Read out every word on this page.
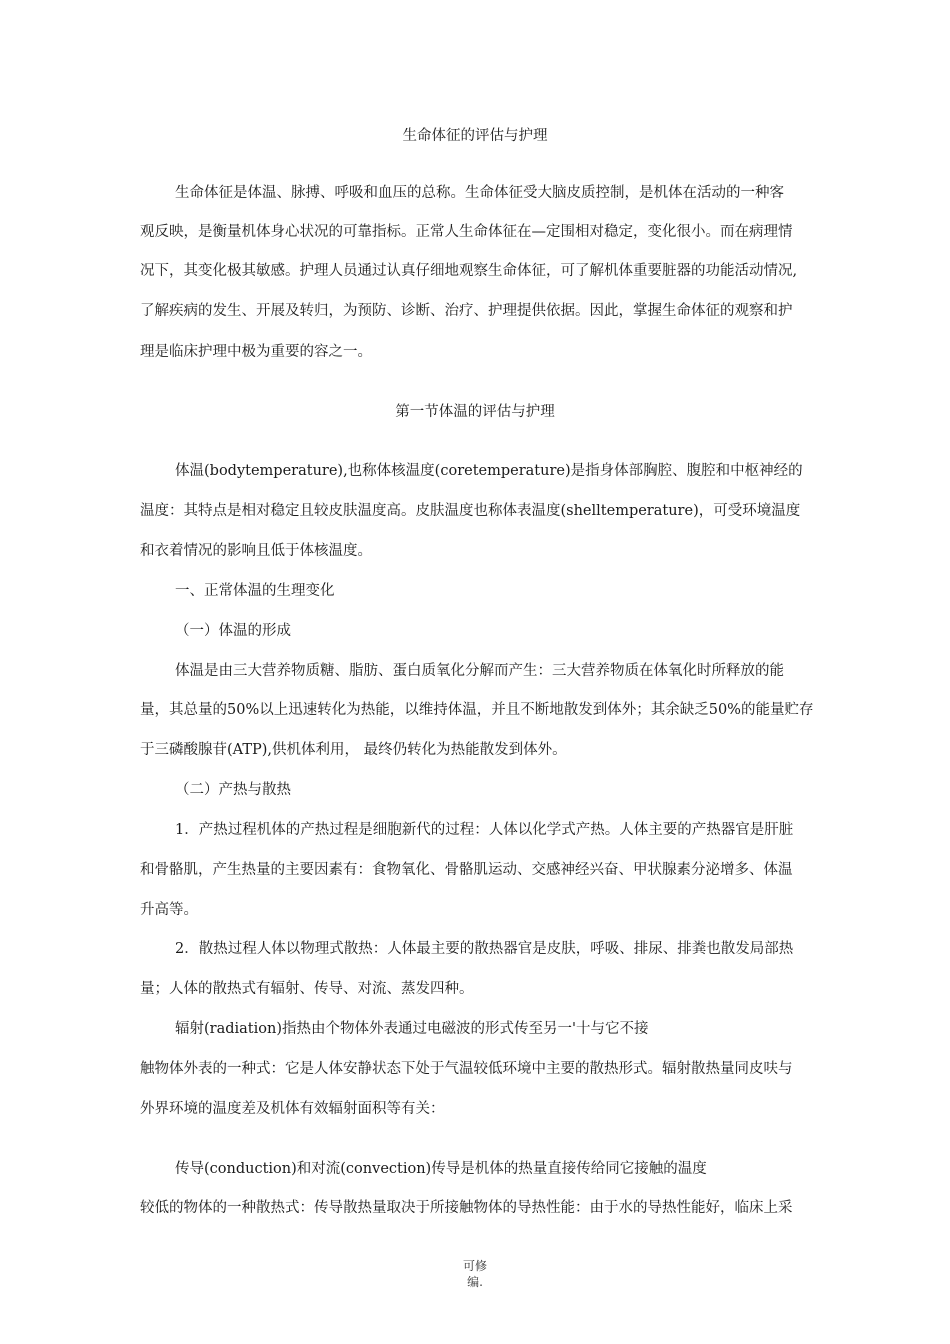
生命体征的评估与护理
生命体征是体温、脉搏、呼吸和血压的总称。生命体征受大脑皮质控制，是机体在活动的一种客
观反映，是衡量机体身心状况的可靠指标。正常人生命体征在—定围相对稳定，变化很小。而在病理情
况下，其变化极其敏感。护理人员通过认真仔细地观察生命体征，可了解机体重要脏器的功能活动情况,
了解疾病的发生、开展及转归，为预防、诊断、治疗、护理提供依据。因此，掌握生命体征的观察和护
理是临床护理中极为重要的容之一。
第一节体温的评估与护理
体温(bodytemperature),也称体核温度(coretemperature)是指身体部胸腔、腹腔和中枢神经的
温度：其特点是相对稳定且较皮肤温度高。皮肤温度也称体表温度(shelltemperature)，可受环境温度
和衣着情况的影响且低于体核温度。
一、正常体温的生理变化
（一）体温的形成
体温是由三大营养物质糖、脂肪、蛋白质氧化分解而产生：三大营养物质在体氧化时所释放的能
量，其总量的50%以上迅速转化为热能，以维持体温，并且不断地散发到体外；其余缺乏50%的能量贮存
于三磷酸腺苷(ATP),供机体利用， 最终仍转化为热能散发到体外。
（二）产热与散热
1．产热过程机体的产热过程是细胞新代的过程：人体以化学式产热。人体主要的产热器官是肝脏
和骨骼肌，产生热量的主要因素有：食物氧化、骨骼肌运动、交感神经兴奋、甲状腺素分泌增多、体温
升高等。
2．散热过程人体以物理式散热：人体最主要的散热器官是皮肤，呼吸、排尿、排粪也散发局部热
量；人体的散热式有辐射、传导、对流、蒸发四种。
辐射(radiation)指热由个物体外表通过电磁波的形式传至另一'十与它不接
触物体外表的一种式：它是人体安静状态下处于气温较低环境中主要的散热形式。辐射散热量同皮呋与
外界环境的温度差及机体有效辐射面积等有关：
传导(conduction)和对流(convection)传导是机体的热量直接传给同它接触的温度
较低的物体的一种散热式：传导散热量取决于所接触物体的导热性能：由于水的导热性能好，临床上采
可修
编.
